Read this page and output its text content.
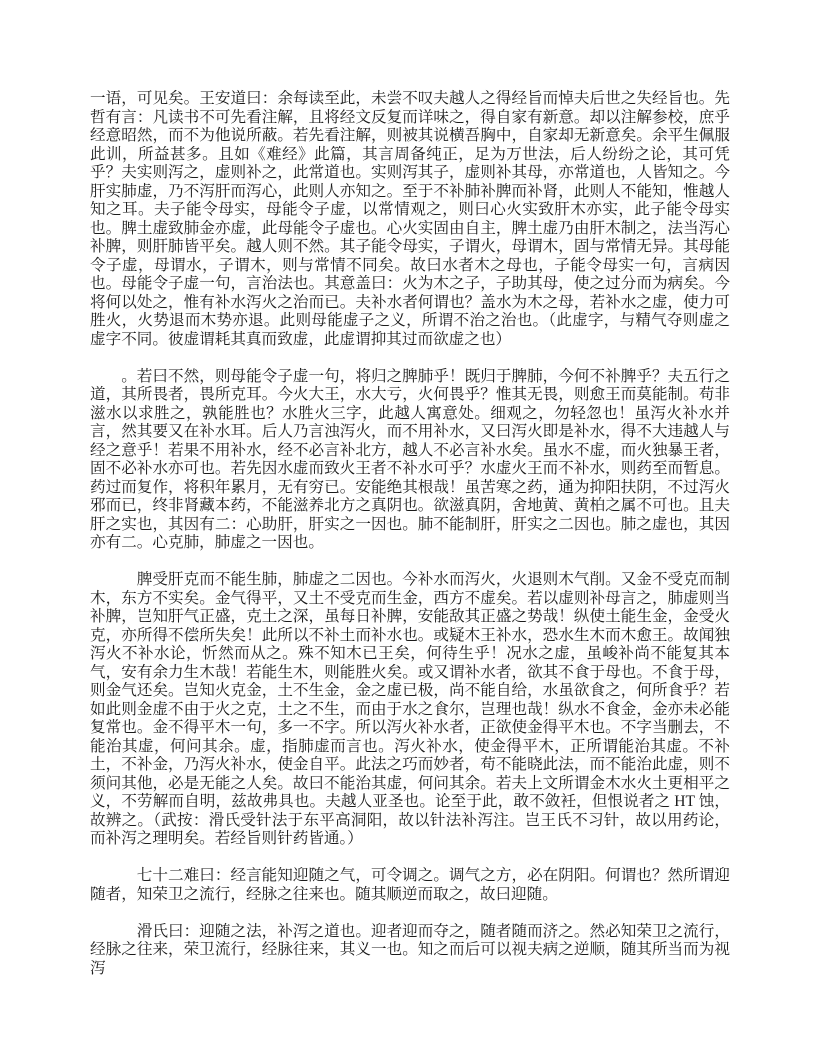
一语，可见矣。王安道曰：余每读至此，未尝不叹夫越人之得经旨而悼夫后世之失经旨也。先哲有言：凡读书不可先看注解，且将经文反复而详味之，得自家有新意。却以注解参校，庶乎经意昭然，而不为他说所蔽。若先看注解，则被其说横吾胸中，自家却无新意矣。余平生佩服此训，所益甚多。且如《难经》此篇，其言周备纯正，足为万世法，后人纷纷之论，其可凭乎？夫实则泻之，虚则补之，此常道也。实则泻其子，虚则补其母，亦常道也，人皆知之。今肝实肺虚，乃不泻肝而泻心，此则人亦知之。至于不补肺补脾而补肾，此则人不能知，惟越人知之耳。夫子能令母实，母能令子虚，以常情观之，则曰心火实致肝木亦实，此子能令母实也。脾土虚致肺金亦虚，此母能令子虚也。心火实固由自主，脾土虚乃由肝木制之，法当泻心补脾，则肝肺皆平矣。越人则不然。其子能令母实，子谓火，母谓木，固与常情无异。其母能令子虚，母谓水，子谓木，则与常情不同矣。故曰水者木之母也，子能令母实一句，言病因也。母能令子虚一句，言治法也。其意盖曰：火为木之子，子助其母，使之过分而为病矣。今将何以处之，惟有补水泻火之治而已。夫补水者何谓也？盖水为木之母，若补水之虚，使力可胜火，火势退而木势亦退。此则母能虚子之义，所谓不治之治也。（此虚字，与精气夺则虚之虚字不同。彼虚谓耗其真而致虚，此虚谓抑其过而欲虚之也）

。若曰不然，则母能令子虚一句，将归之脾肺乎！既归于脾肺，今何不补脾乎？夫五行之道，其所畏者，畏所克耳。今火大王，水大亏，火何畏乎？惟其无畏，则愈王而莫能制。苟非滋水以求胜之，孰能胜也？水胜火三字，此越人寓意处。细观之，勿轻忽也！虽泻火补水并言，然其要又在补水耳。后人乃言浊泻火，而不用补水，又曰泻火即是补水，得不大违越人与经之意乎！若果不用补水，经不必言补北方，越人不必言补水矣。虽水不虚，而火独暴王者，固不必补水亦可也。若先因水虚而致火王者不补水可乎？水虚火王而不补水，则药至而暂息。药过而复作，将积年累月，无有穷已。安能绝其根哉！虽苦寒之药，通为抑阳扶阴，不过泻火邪而已，终非肾藏本药，不能滋养北方之真阴也。欲滋真阴，舍地黄、黄柏之属不可也。且夫肝之实也，其因有二：心助肝，肝实之一因也。肺不能制肝，肝实之二因也。肺之虚也，其因亦有二。心克肺，肺虚之一因也。

脾受肝克而不能生肺，肺虚之二因也。今补水而泻火，火退则木气削。又金不受克而制木，东方不实矣。金气得平，又土不受克而生金，西方不虚矣。若以虚则补母言之，肺虚则当补脾，岂知肝气正盛，克土之深，虽每日补脾，安能敌其正盛之势哉！纵使土能生金，金受火克，亦所得不偿所失矣！此所以不补土而补水也。或疑木王补水，恐水生木而木愈王。故闻独泻火不补水论，忻然而从之。殊不知木已王矣，何待生乎！况水之虚，虽峻补尚不能复其本气，安有余力生木哉！若能生木，则能胜火矣。或又谓补水者，欲其不食于母也。不食于母，则金气还矣。岂知火克金，土不生金，金之虚已极，尚不能自给，水虽欲食之，何所食乎？若如此则金虚不由于火之克，土之不生，而由于水之食尔，岂理也哉！纵水不食金，金亦未必能复常也。金不得平木一句，多一不字。所以泻火补水者，正欲使金得平木也。不字当删去，不能治其虚，何问其余。虚，指肺虚而言也。泻火补水，使金得平木，正所谓能治其虚。不补土，不补金，乃泻火补水，使金自平。此法之巧而妙者，苟不能晓此法，而不能治此虚，则不须问其他，必是无能之人矣。故曰不能治其虚，何问其余。若夫上文所谓金木水火土更相平之义，不劳解而自明，兹故弗具也。夫越人亚圣也。论至于此，敢不敛衽，但恨说者之 HT 蚀，故辨之。（武按：滑氏受针法于东平高洞阳，故以针法补泻注。岂王氏不习针，故以用药论，而补泻之理明矣。若经旨则针药皆通。）

七十二难曰：经言能知迎随之气，可令调之。调气之方，必在阴阳。何谓也？然所谓迎随者，知荣卫之流行，经脉之往来也。随其顺逆而取之，故曰迎随。

滑氏曰：迎随之法，补泻之道也。迎者迎而夺之，随者随而济之。然必知荣卫之流行，经脉之往来，荣卫流行，经脉往来，其义一也。知之而后可以视夫病之逆顺，随其所当而为视泻
